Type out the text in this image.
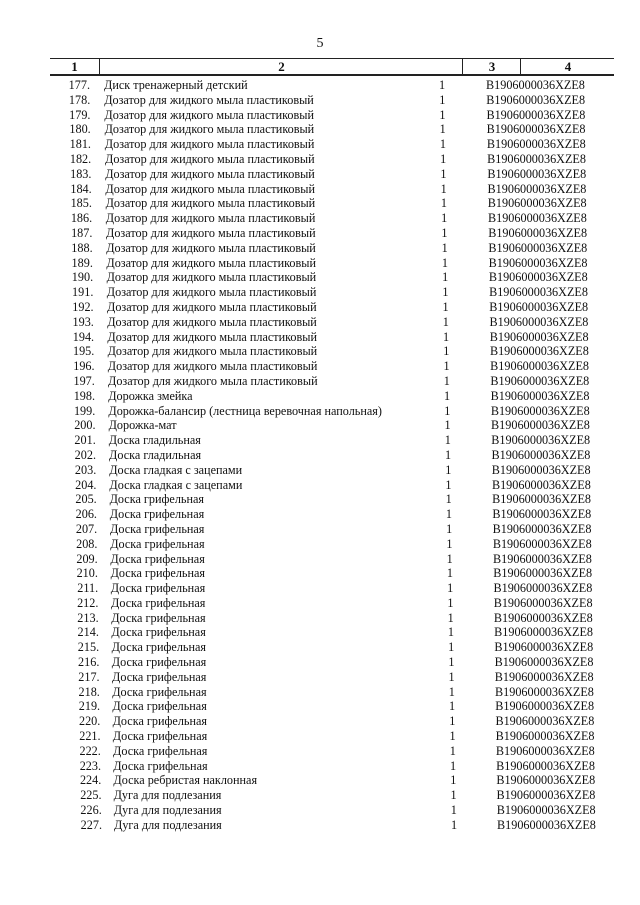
5
1	2	3	4
177. Диск тренажерный детский	1	B1906000036XZE8
178. Дозатор для жидкого мыла пластиковый	1	B1906000036XZE8
179. Дозатор для жидкого мыла пластиковый	1	B1906000036XZE8
180. Дозатор для жидкого мыла пластиковый	1	B1906000036XZE8
181. Дозатор для жидкого мыла пластиковый	1	B1906000036XZE8
182. Дозатор для жидкого мыла пластиковый	1	B1906000036XZE8
183. Дозатор для жидкого мыла пластиковый	1	B1906000036XZE8
184. Дозатор для жидкого мыла пластиковый	1	B1906000036XZE8
185. Дозатор для жидкого мыла пластиковый	1	B1906000036XZE8
186. Дозатор для жидкого мыла пластиковый	1	B1906000036XZE8
187. Дозатор для жидкого мыла пластиковый	1	B1906000036XZE8
188. Дозатор для жидкого мыла пластиковый	1	B1906000036XZE8
189. Дозатор для жидкого мыла пластиковый	1	B1906000036XZE8
190. Дозатор для жидкого мыла пластиковый	1	B1906000036XZE8
191. Дозатор для жидкого мыла пластиковый	1	B1906000036XZE8
192. Дозатор для жидкого мыла пластиковый	1	B1906000036XZE8
193. Дозатор для жидкого мыла пластиковый	1	B1906000036XZE8
194. Дозатор для жидкого мыла пластиковый	1	B1906000036XZE8
195. Дозатор для жидкого мыла пластиковый	1	B1906000036XZE8
196. Дозатор для жидкого мыла пластиковый	1	B1906000036XZE8
197. Дозатор для жидкого мыла пластиковый	1	B1906000036XZE8
198. Дорожка змейка	1	B1906000036XZE8
199. Дорожка-балансир (лестница веревочная напольная)	1	B1906000036XZE8
200. Дорожка-мат	1	B1906000036XZE8
201. Доска гладильная	1	B1906000036XZE8
202. Доска гладильная	1	B1906000036XZE8
203. Доска гладкая с зацепами	1	B1906000036XZE8
204. Доска гладкая с зацепами	1	B1906000036XZE8
205. Доска грифельная	1	B1906000036XZE8
206. Доска грифельная	1	B1906000036XZE8
207. Доска грифельная	1	B1906000036XZE8
208. Доска грифельная	1	B1906000036XZE8
209. Доска грифельная	1	B1906000036XZE8
210. Доска грифельная	1	B1906000036XZE8
211. Доска грифельная	1	B1906000036XZE8
212. Доска грифельная	1	B1906000036XZE8
213. Доска грифельная	1	B1906000036XZE8
214. Доска грифельная	1	B1906000036XZE8
215. Доска грифельная	1	B1906000036XZE8
216. Доска грифельная	1	B1906000036XZE8
217. Доска грифельная	1	B1906000036XZE8
218. Доска грифельная	1	B1906000036XZE8
219. Доска грифельная	1	B1906000036XZE8
220. Доска грифельная	1	B1906000036XZE8
221. Доска грифельная	1	B1906000036XZE8
222. Доска грифельная	1	B1906000036XZE8
223. Доска грифельная	1	B1906000036XZE8
224. Доска ребристая наклонная	1	B1906000036XZE8
225. Дуга для подлезания	1	B1906000036XZE8
226. Дуга для подлезания	1	B1906000036XZE8
227. Дуга для подлезания	1	B1906000036XZE8
